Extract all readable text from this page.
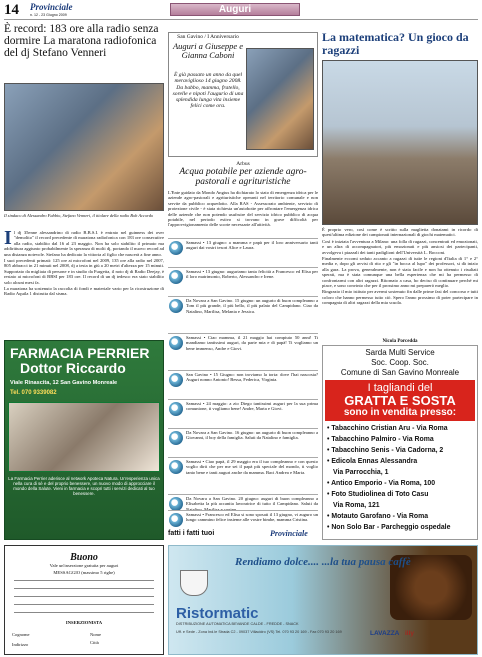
14 Provinciale
n. 12 - 23 Giugno 2009	Auguri
È record: 183 ore alla radio senza dormire La maratona radiofonica del dj Stefano Venneri
Il sindaco di Alessandro Fabbio, Stefano Venneri, il titolare della radio Bob Accordo

Il dj 35enne alessandrino di radio B.B.S.I. è entrato nel guinness dei over "demolito" il record precedente di maratona radiofonica con 183 ore consecutive alla radio, stabilito dal 16 al 23 maggio. Non ha solo stabilito il primato ma addirittura aggiunto probabilmente la speranza di molti dj, portando il nuovo record ad una distanza notevole. Stefano ha dedicato la vittoria al figlio che nascerà a fine anno.

I suoi precedenti primati: 125 ore ai microfoni nel 2009, 135 ore alla radio nel 2007, 805 abbracci in 21 minuti nel 2008, dj a testa in giù a 20 metri d'altezza per 15 minuti. Supportato da migliaia di persone e in studio da Furgetta, il noto dj di Radio Deejay, è restato ai microfoni di BBSI per 183 ore. Il record di un dj tedesco era stato stabilito solo alcuni mesi fa.

La maratona ha sostenuto la raccolta di fondi e materiale vario per la ricostruzione di Radio Aquila 1 distrutta dal sisma.

FARMACIA PERRIER
Dottor Riccardo
Viale Rinascita, 12 San Gavino Monreale
Tel. 070 9339082
La Farmacia Perrier aderisce al network Apoteca Natura. Un'esperienza unica nella cura di sè e del proprio benessere, un nuovo modo di approcciare il mondo della Salute. Vieni in farmacia e scopri tutti i servizi dedicati al tuo benessere.
Buono
Vale un'inserzione gratuita per auguri
MESSAGGIO (massimo 5 righe)
INSERZIONISTA
Cognome
Indirizzo
Nome
Città
San Gavino / I Anniversario
Auguri a Giuseppe e Gianna Caboni
È già passato un anno da quel meraviglioso 14 giugno 2008. Da babbo, mamma, fratello, sorelle e nipoti l'augurio di una splendida lunga vita insieme felici come ora.
Arbus
Acqua potabile per aziende agro-pastorali e agrituristiche
L'Ente guidato da Mondo Angius ha dichiarato lo stato di emergenza idrica per le aziende agro-pastorali e agrituristiche operanti nel territorio comunale e non servite da pubblico acquedotto. Alla RAS - Assessorato ambiente, servizio di protezione civile - è stata richiesta un'autobotte per affrontare l'emergenza idrica delle aziende che non potendo usufruire del servizio idrico pubblico di acqua potabile, nel periodo estivo si trovano in grave difficoltà per l'approvvigionamento delle scorte necessarie all'attività.
Samassi • 13 giugno: a mamma e papà per il loro anniversario tanti auguri dai vostri tesori Alice e Laura.
Samassi • 13 giugno: auguriamo tanta felicità a Francesco ed Elisa per il loro matrimonio, Roberto, Alessandro e Irene.
Da Novara a San Gavino. 15 giugno: un augurio di buon compleanno a Tom il più grande, il più bello, il più palato del Campidano. Ciao da Natalino, Marilisa, Melania e Jessica.
Samassi • Ciao mamma, il 21 maggio hai compiuto 50 anni! Ti mandiamo tantissimi auguri, da parte mia e di papà! Ti vogliamo un bene immenso, Andre e Giovi.
San Gavino • 15 Giugno: non troviamo la torta: dove l'hai nascosta? Auguri nonno Antonio! Bessa, Federica, Virginia.
Samassi • 24 maggio: a zio Diego tantissimi auguri per la sua prima comunione, ti vogliamo bene! Andre, Marta e Giovi.
Da Novara a San Gavino. 16 giugno: un augurio di buon compleanno a Giovanni, il boy della famiglia. Saluti da Natalino e famiglia.
Samassi • Ciao papà, il 29 maggio era il tuo compleanno e con questo voglio dirti che per me sei il papà più speciale del mondo, ti voglio tanto bene e tanti auguri anche da mamma. Baci Andrea e Marta.
Da Novara a San Gavino. 20 giugno: auguri di buon compleanno a Elisabetta la più accanita lavoratrice di tutto il Campidano. Saluti da
Samassi • Francesco ed Elisa si sono sposati il 13 giugno, vi auguro un lungo cammino felice insieme alle vostre bimbe, mamma Cristina.
fatti i fatti tuoi	Provinciale
Rendiamo dolce.... ...la tua pausa caffè
Ristormatic
DISTRIBUZIONE AUTOMATICA BEVANDE CALDE - FREDDE - SNACK
Uff. e Sede - Zona Ind.le Strada C2 - 09037 Villacidro (VS) Tel. 070 93 20 169 - Fax 070 93 20 169	LAVAZZA illy
La matematica? Un gioco da ragazzi

È proprio vero, così come è scritto sulla maglietta donatami in ricordo di quest'ultima edizione dei campionati internazionali di giochi matematici.

Così è iniziata l'avventura a Milano: una folla di ragazzi, concentrati ed emozionati, e un altra di accompagnatori, più emozionati e più ansiosi dei partecipanti, avvolgeva i piazzali dei tanti padiglioni dell'Università L. Bocconi.

Finalmente eccomi seduto accanto a ragazzi di tutte le regioni d'Italia di 1° e 2° media e, dopo gli avvisi di rito e gli "in bocca al lupo" dei professori, si dà inizio alla gara. La prova, generalmente, non è stata facile e non ha ottenuto i risultati sperati, ma è stata comunque una bella esperienza che mi ha permesso di confrontarmi con altri ragazzi. Ritornato a casa, ho deciso di continuare perché mi piace, e sono convinto che per il prossimo anno mi preparerò meglio.

Ringrazio il mio istituto per avermi sostenuto fin dalle prime fasi del concorso e tutti coloro che hanno permesso tutto ciò. Spero l'anno prossimo di poter partecipare in compagnia di altri ragazzi della mia scuola.

Nicola Porcedda
Sarda Multi Service
Soc. Coop. Soc.
Comune di San Gavino Monreale
I tagliandi del
GRATTA E SOSTA
sono in vendita presso:
• Tabacchino Cristian Aru - Via Roma
• Tabacchino Palmiro - Via Roma
• Tabacchino Senis - Via Cadorna, 2
• Edicola Ennas Alessandra
Via Parrocchia, 1
• Antico Emporio - Via Roma, 100
• Foto Studiolinea di Toto Casu
Via Roma, 121
• Motauto Garofano - Via Roma
• Non Solo Bar - Parcheggio ospedale
